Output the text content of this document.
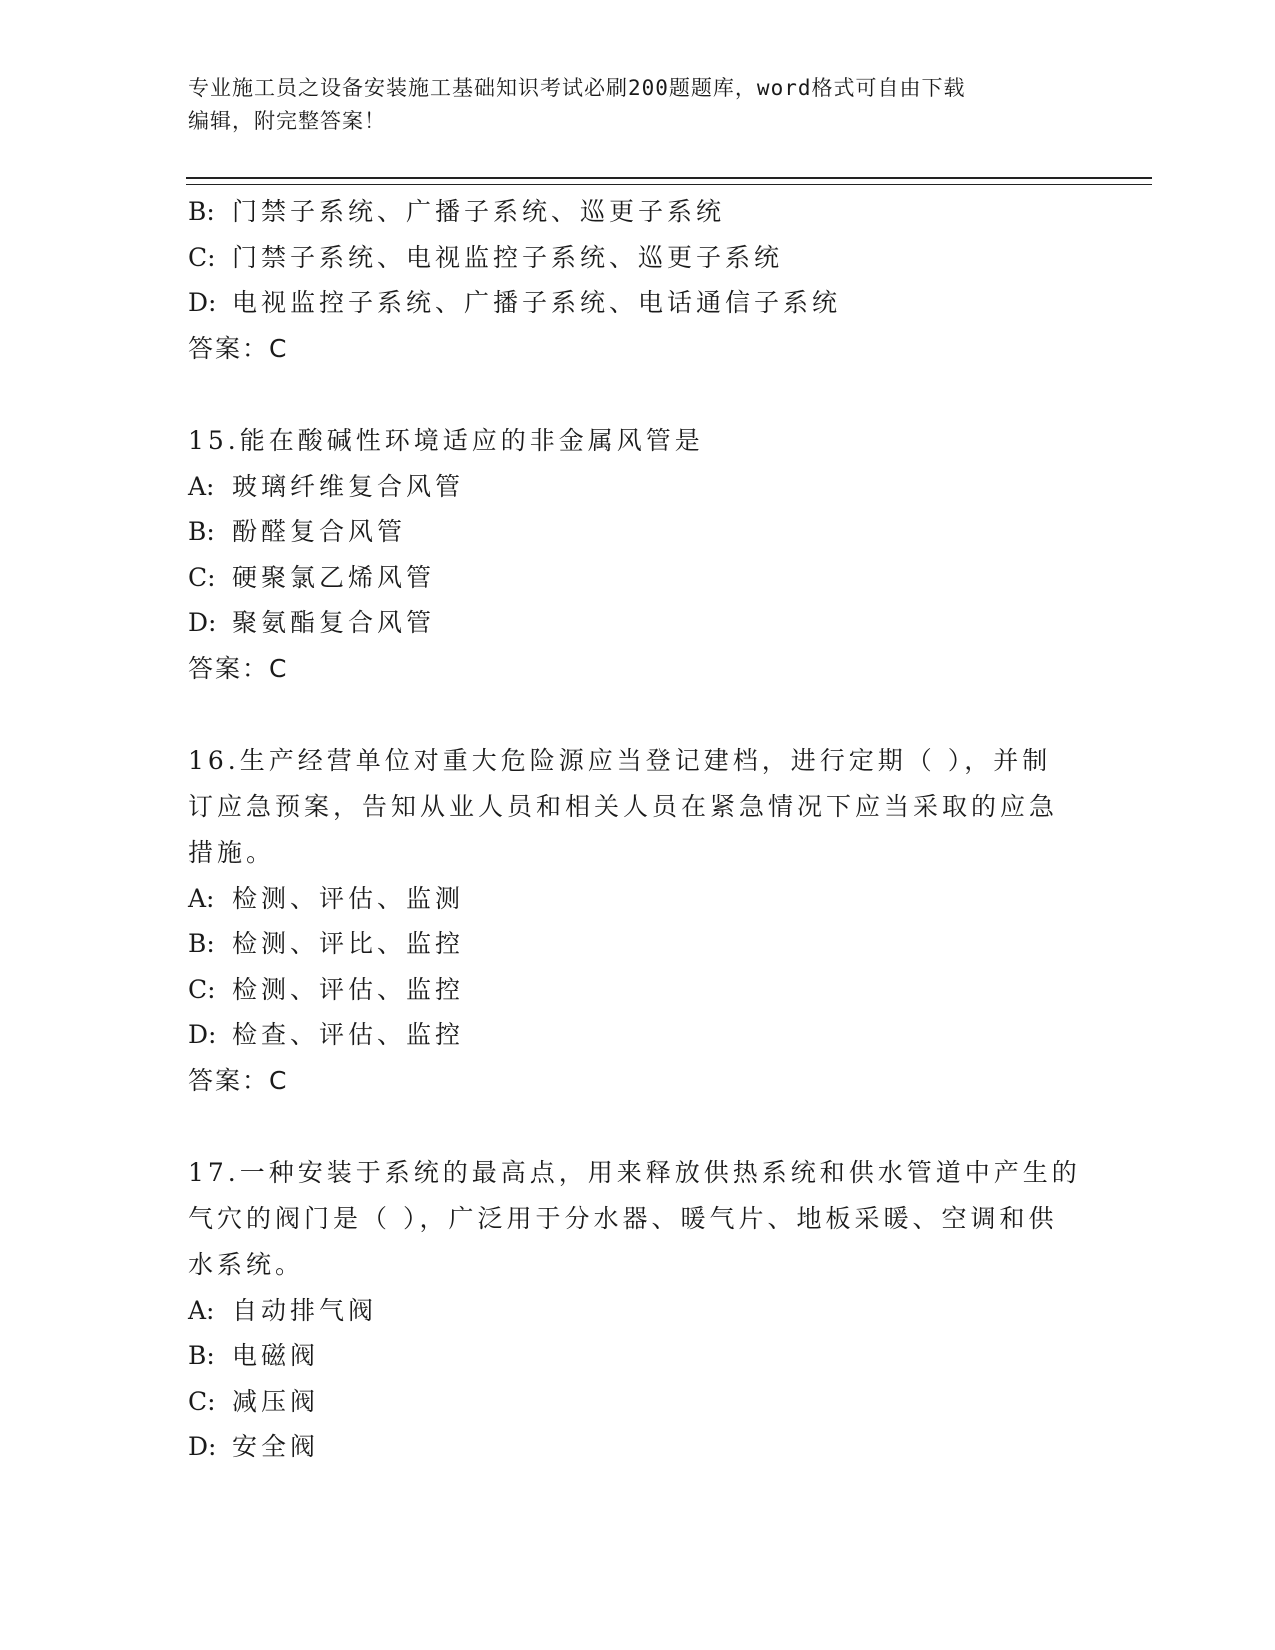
专业施工员之设备安装施工基础知识考试必刷200题题库，word格式可自由下载
编辑，附完整答案！
B: 门禁子系统、广播子系统、巡更子系统
C: 门禁子系统、电视监控子系统、巡更子系统
D: 电视监控子系统、广播子系统、电话通信子系统
答案：C
15.能在酸碱性环境适应的非金属风管是
A: 玻璃纤维复合风管
B: 酚醛复合风管
C: 硬聚氯乙烯风管
D: 聚氨酯复合风管
答案：C
16.生产经营单位对重大危险源应当登记建档，进行定期（ ），并制
订应急预案，告知从业人员和相关人员在紧急情况下应当采取的应急
措施。
A: 检测、评估、监测
B: 检测、评比、监控
C: 检测、评估、监控
D: 检查、评估、监控
答案：C
17.一种安装于系统的最高点，用来释放供热系统和供水管道中产生的
气穴的阀门是（ ），广泛用于分水器、暖气片、地板采暖、空调和供
水系统。
A: 自动排气阀
B: 电磁阀
C: 减压阀
D: 安全阀
